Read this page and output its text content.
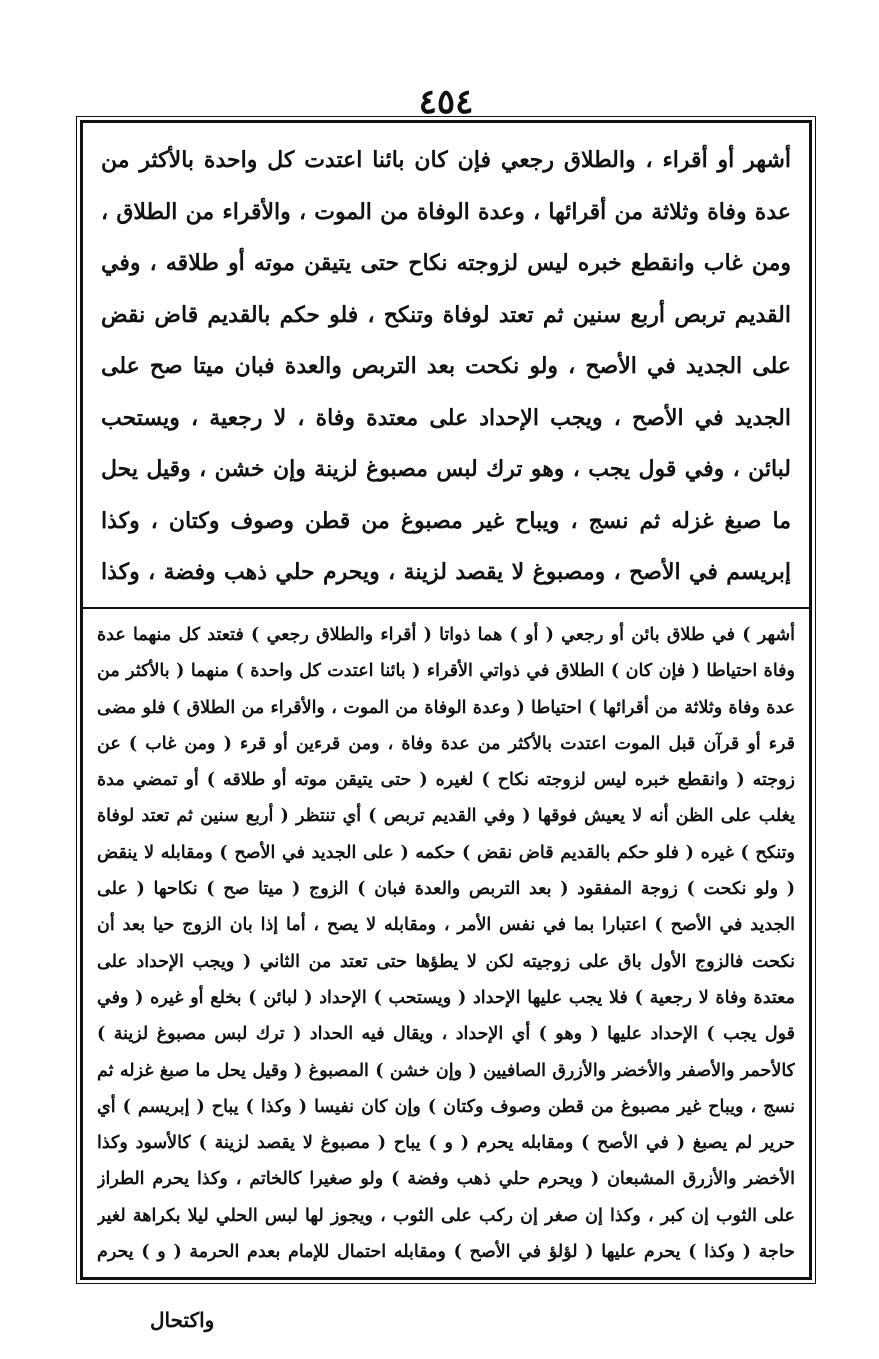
٤٥٤
أشهر أو أقراء ، والطلاق رجعي فإن كان بائنا اعتدت كل واحدة بالأكثر من عدة وفاة وثلاثة من أقرائها ، وعدة الوفاة من الموت ، والأقراء من الطلاق ، ومن غاب وانقطع خبره ليس لزوجته نكاح حتى يتيقن موته أو طلاقه ، وفي القديم تربص أربع سنين ثم تعتد لوفاة وتنكح ، فلو حكم بالقديم قاض نقض على الجديد في الأصح ، ولو نكحت بعد التربص والعدة فبان ميتا صح على الجديد في الأصح ، ويجب الإحداد على معتدة وفاة ، لا رجعية ، ويستحب لبائن ، وفي قول يجب ، وهو ترك لبس مصبوغ لزينة وإن خشن ، وقيل يحل ما صبغ غزله ثم نسج ، ويباح غير مصبوغ من قطن وصوف وكتان ، وكذا إبريسم في الأصح ، ومصبوغ لا يقصد لزينة ، ويحرم حلي ذهب وفضة ، وكذا
أشهر ) في طلاق بائن أو رجعي ( أو ) هما ذواتا ( أقراء والطلاق رجعي ) فتعتد كل منهما عدة وفاة احتياطا ( فإن كان ) الطلاق في ذواتي الأقراء ( بائنا اعتدت كل واحدة ) منهما ( بالأكثر من عدة وفاة وثلاثة من أقرائها ) احتياطا ( وعدة الوفاة من الموت ، والأقراء من الطلاق ) فلو مضى قرء أو قرآن قبل الموت اعتدت بالأكثر من عدة وفاة ، ومن قرءين أو قرء ( ومن غاب ) عن زوجته ( وانقطع خبره ليس لزوجته نكاح ) لغيره ( حتى يتيقن موته أو طلاقه ) أو تمضي مدة يغلب على الظن أنه لا يعيش فوقها ( وفي القديم تربص ) أي تنتظر ( أربع سنين ثم تعتد لوفاة وتنكح ) غيره ( فلو حكم بالقديم قاض نقض ) حكمه ( على الجديد في الأصح ) ومقابله لا ينقض ( ولو نكحت ) زوجة المفقود ( بعد التربص والعدة فبان ) الزوج ( ميتا صح ) نكاحها ( على الجديد في الأصح ) اعتبارا بما في نفس الأمر ، ومقابله لا يصح ، أما إذا بان الزوج حيا بعد أن نكحت فالزوج الأول باق على زوجيته لكن لا يطؤها حتى تعتد من الثاني ( ويجب الإحداد على معتدة وفاة لا رجعية ) فلا يجب عليها الإحداد ( ويستحب ) الإحداد ( لبائن ) بخلع أو غيره ( وفي قول يجب ) الإحداد عليها ( وهو ) أي الإحداد ، ويقال فيه الحداد ( ترك لبس مصبوغ لزينة ) كالأحمر والأصفر والأخضر والأزرق الصافيين ( وإن خشن ) المصبوغ ( وقيل يحل ما صبغ غزله ثم نسج ، ويباح غير مصبوغ من قطن وصوف وكتان ) وإن كان نفيسا ( وكذا ) يباح ( إبريسم ) أي حرير لم يصبغ ( في الأصح ) ومقابله يحرم ( و ) يباح ( مصبوغ لا يقصد لزينة ) كالأسود وكذا الأخضر والأزرق المشبعان ( ويحرم حلي ذهب وفضة ) ولو صغيرا كالخاتم ، وكذا يحرم الطراز على الثوب إن كبر ، وكذا إن صغر إن ركب على الثوب ، ويجوز لها لبس الحلي ليلا بكراهة لغير حاجة ( وكذا ) يحرم عليها ( لؤلؤ في الأصح ) ومقابله احتمال للإمام بعدم الحرمة ( و ) يحرم
واكتحال
